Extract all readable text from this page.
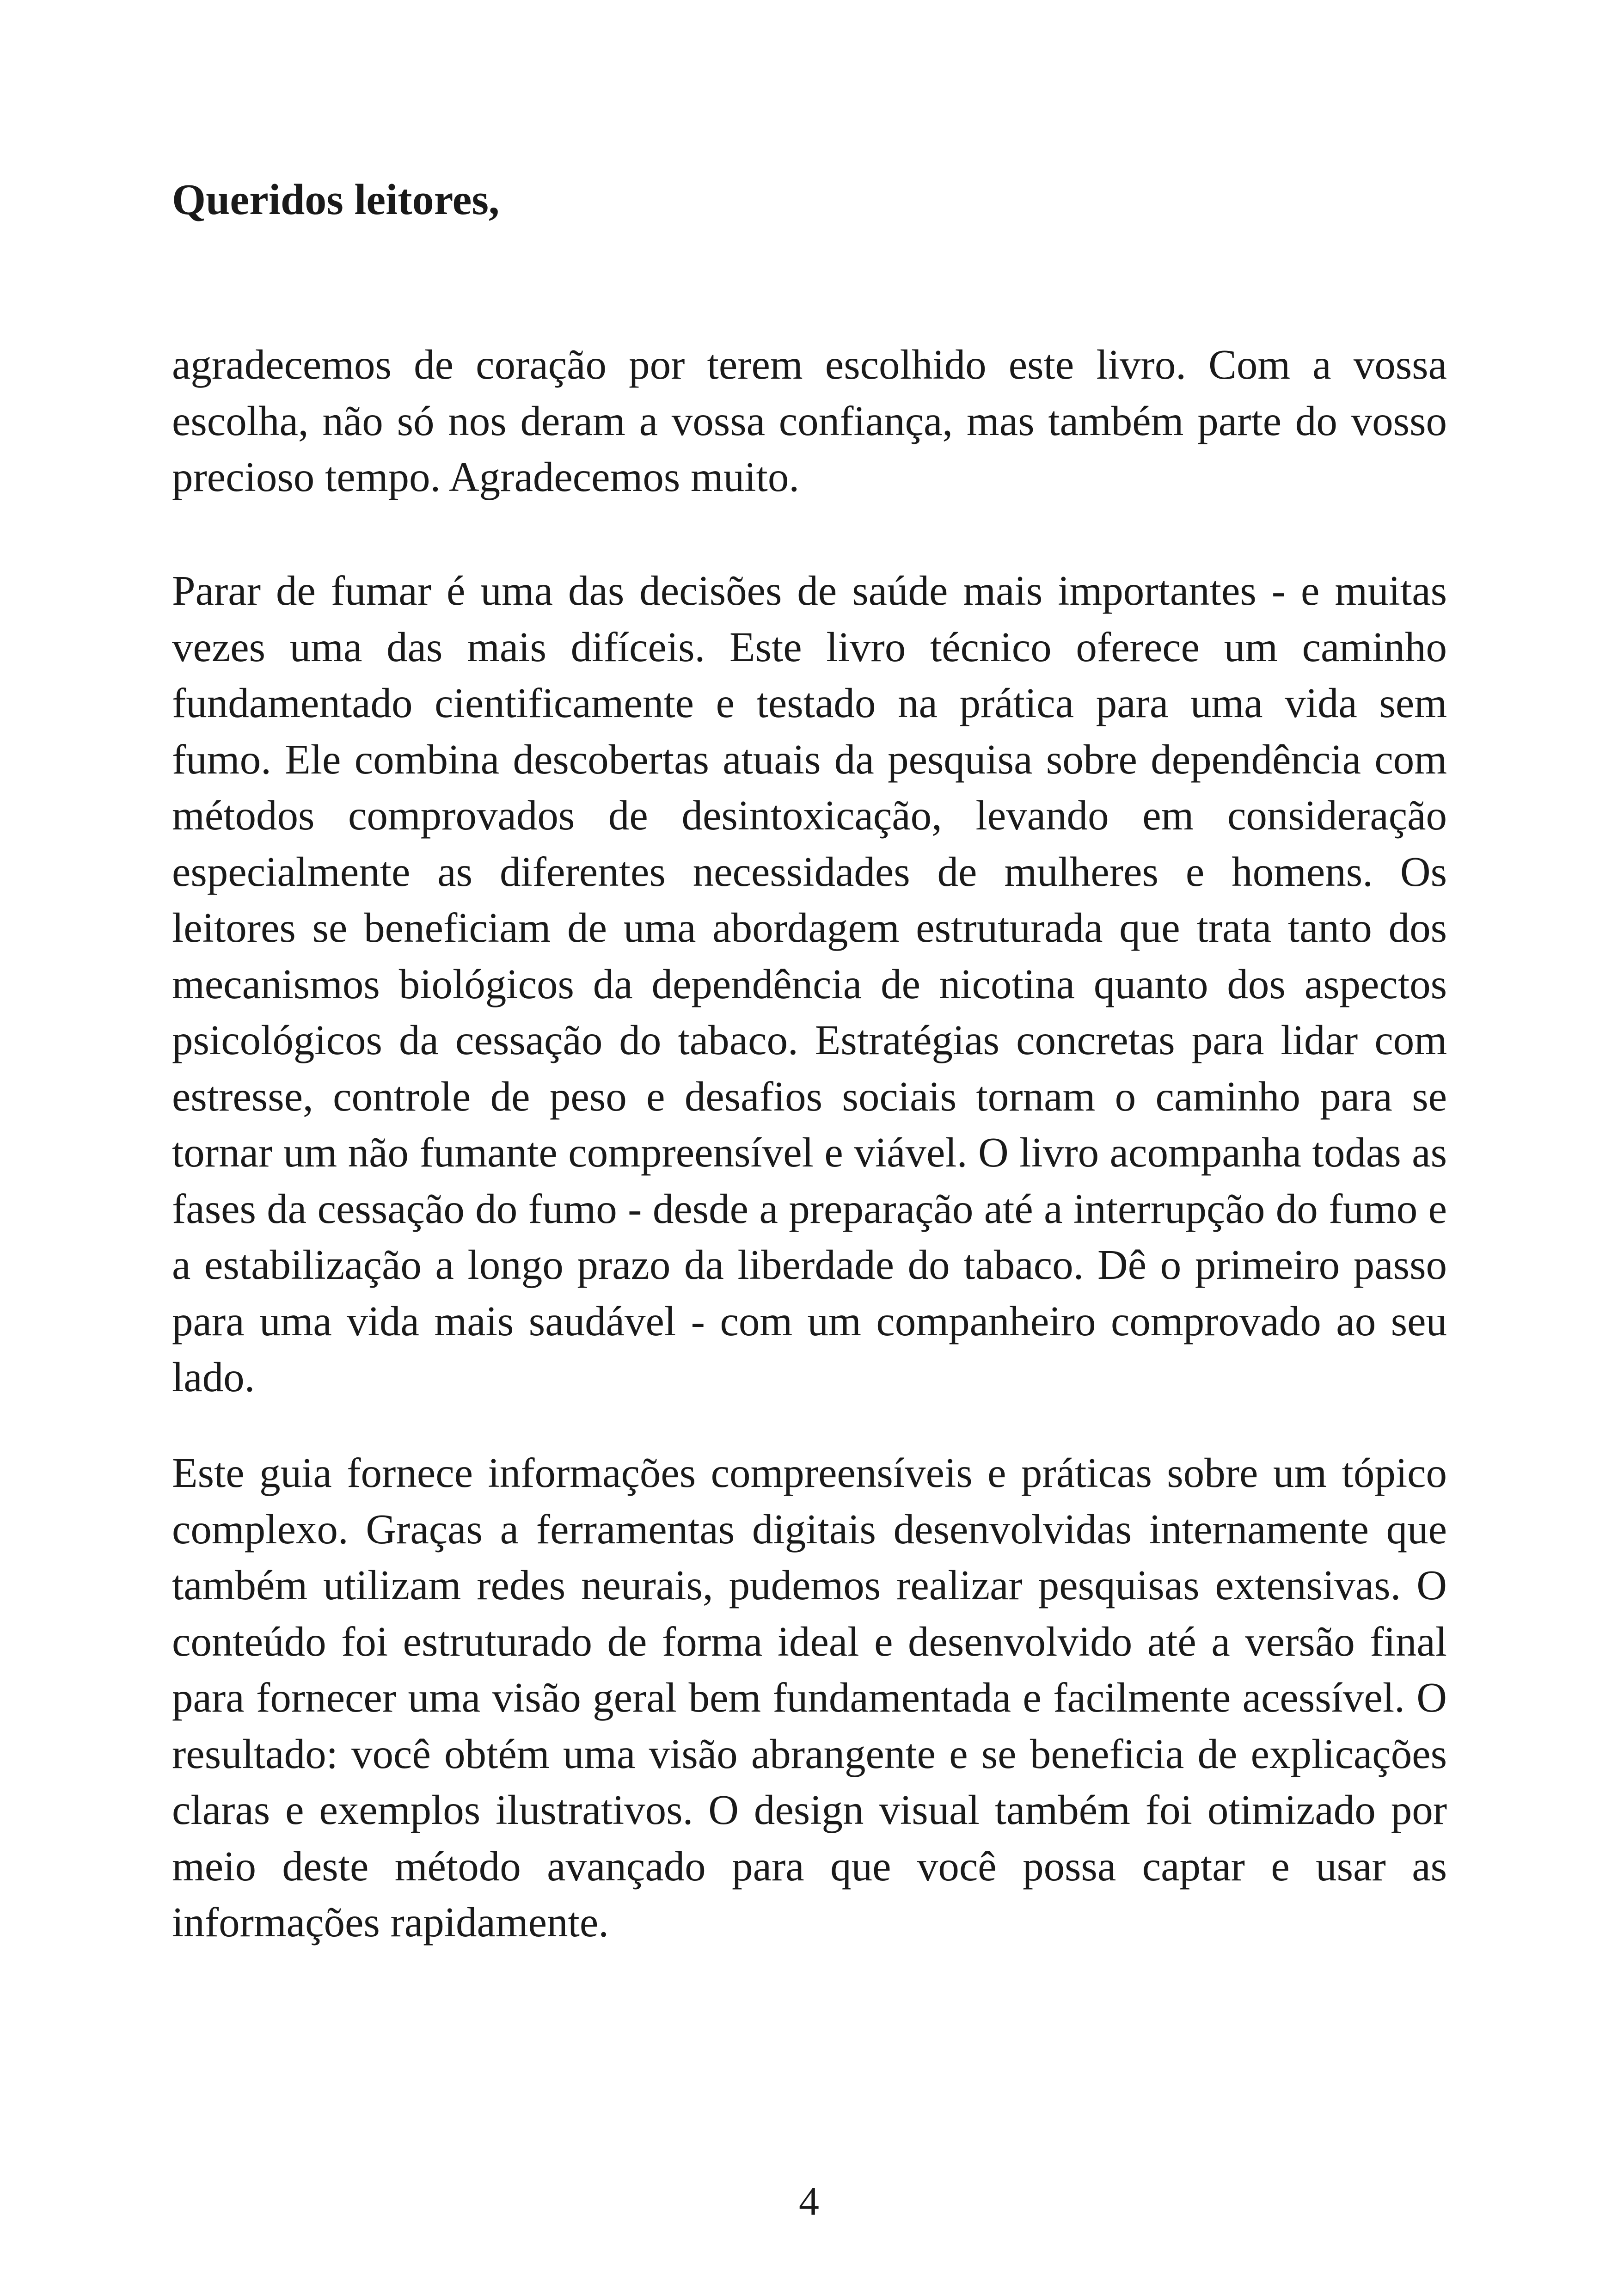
Queridos leitores,

agradecemos de coração por terem escolhido este livro. Com a vossa escolha, não só nos deram a vossa confiança, mas também parte do vosso precioso tempo. Agradecemos muito.

Parar de fumar é uma das decisões de saúde mais importantes - e muitas vezes uma das mais difíceis. Este livro técnico oferece um caminho fundamentado cientificamente e testado na prática para uma vida sem fumo. Ele combina descobertas atuais da pesquisa sobre dependência com métodos comprovados de desintoxicação, levando em consideração especialmente as diferentes necessidades de mulheres e homens. Os leitores se beneficiam de uma abordagem estruturada que trata tanto dos mecanismos biológicos da dependência de nicotina quanto dos aspectos psicológicos da cessação do tabaco. Estratégias concretas para lidar com estresse, controle de peso e desafios sociais tornam o caminho para se tornar um não fumante compreensível e viável. O livro acompanha todas as fases da cessação do fumo - desde a preparação até a interrupção do fumo e a estabilização a longo prazo da liberdade do tabaco. Dê o primeiro passo para uma vida mais saudável - com um companheiro comprovado ao seu lado.

Este guia fornece informações compreensíveis e práticas sobre um tópico complexo. Graças a ferramentas digitais desenvolvidas internamente que também utilizam redes neurais, pudemos realizar pesquisas extensivas. O conteúdo foi estruturado de forma ideal e desenvolvido até a versão final para fornecer uma visão geral bem fundamentada e facilmente acessível. O resultado: você obtém uma visão abrangente e se beneficia de explicações claras e exemplos ilustrativos. O design visual também foi otimizado por meio deste método avançado para que você possa captar e usar as informações rapidamente.

4
